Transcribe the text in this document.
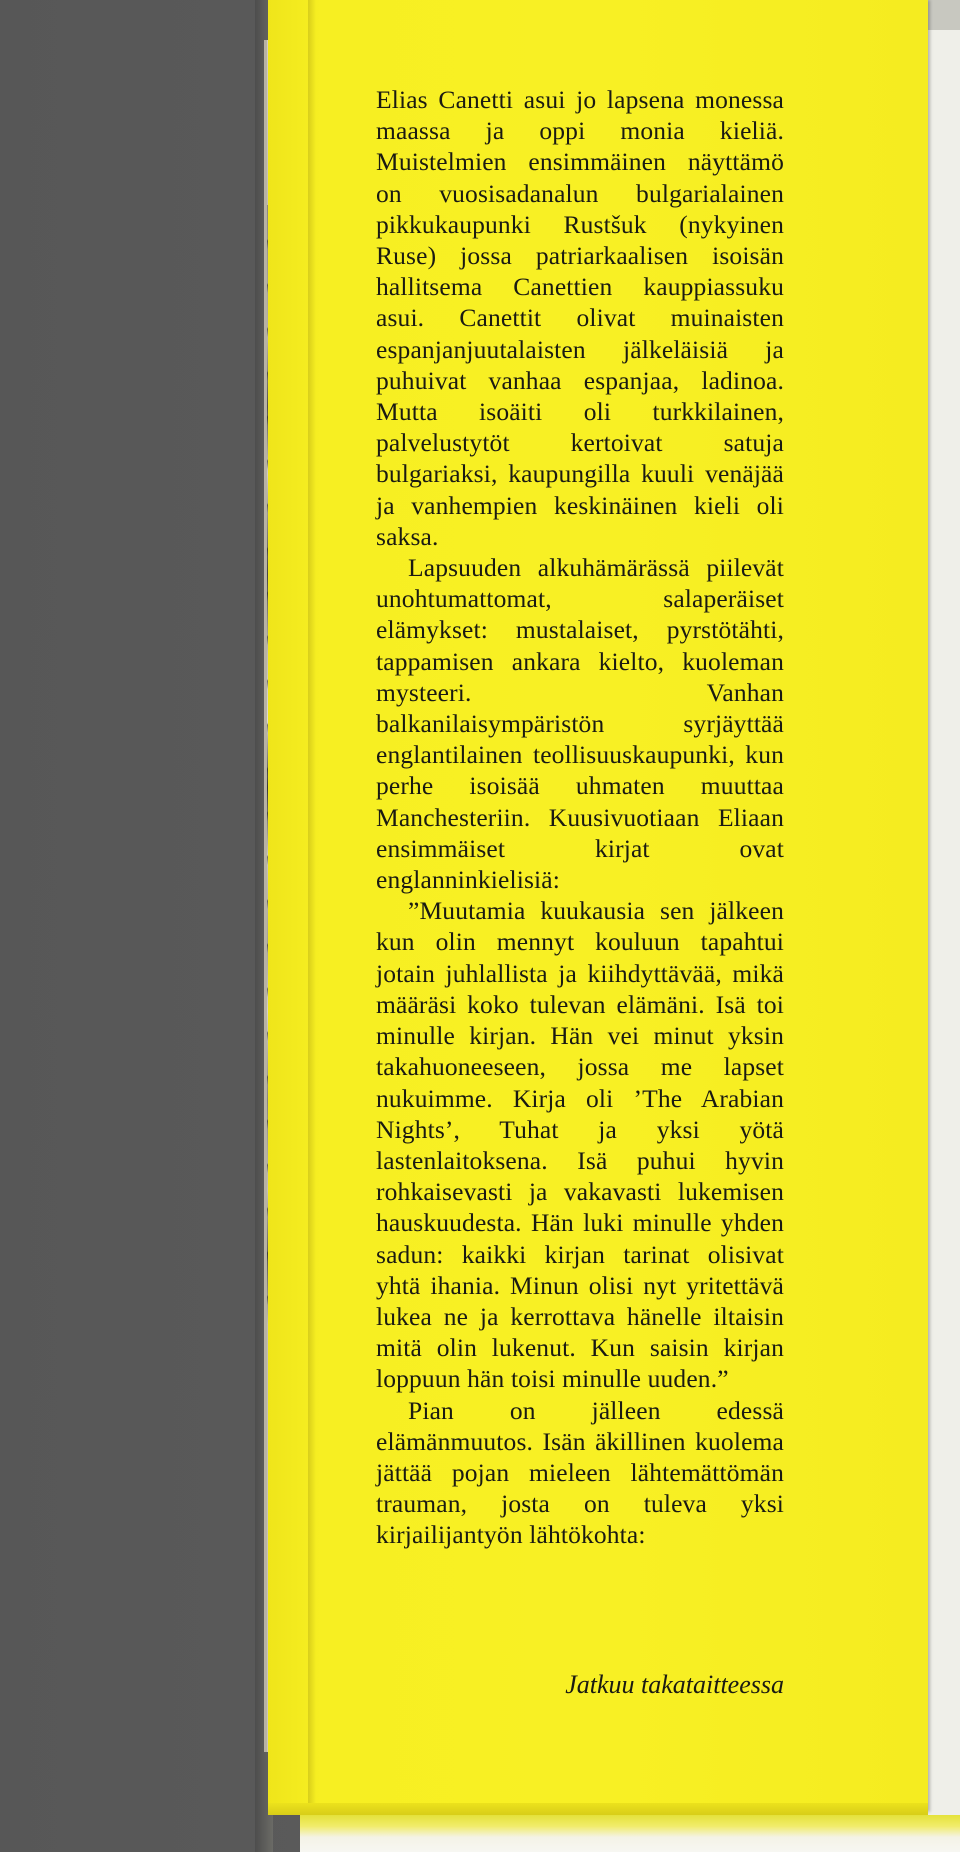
Elias Canetti asui jo lapsena monessa maassa ja oppi monia kieliä. Muistelmien ensimmäinen näyttämö on vuosisadanalun bulgarialainen pikkukaupunki Rustšuk (nykyinen Ruse) jossa patriarkaalisen isoisän hallitsema Canettien kauppiassuku asui. Canettit olivat muinaisten espanjanjuutalaisten jälkeläisiä ja puhuivat vanhaa espanjaa, ladinoa. Mutta isoäiti oli turkkilainen, palvelustytöt kertoivat satuja bulgariaksi, kaupungilla kuuli venäjää ja vanhempien keskinäinen kieli oli saksa.

Lapsuuden alkuhämärässä piilevät unohtumattomat, salaperäiset elämykset: mustalaiset, pyrstötähti, tappamisen ankara kielto, kuoleman mysteeri. Vanhan balkanilaisympäristön syrjäyttää englantilainen teollisuuskaupunki, kun perhe isoisää uhmaten muuttaa Manchesteriin. Kuusivuotiaan Eliaan ensimmäiset kirjat ovat englanninkielisiä:

”Muutamia kuukausia sen jälkeen kun olin mennyt kouluun tapahtui jotain juhlallista ja kiihdyttävää, mikä määräsi koko tulevan elämäni. Isä toi minulle kirjan. Hän vei minut yksin takahuoneeseen, jossa me lapset nukuimme. Kirja oli ’The Arabian Nights’, Tuhat ja yksi yötä lastenlaitoksena. Isä puhui hyvin rohkaisevasti ja vakavasti lukemisen hauskuudesta. Hän luki minulle yhden sadun: kaikki kirjan tarinat olisivat yhtä ihania. Minun olisi nyt yritettävä lukea ne ja kerrottava hänelle iltaisin mitä olin lukenut. Kun saisin kirjan loppuun hän toisi minulle uuden.”

Pian on jälleen edessä elämänmuutos. Isän äkillinen kuolema jättää pojan mieleen lähtemättömän trauman, josta on tuleva yksi kirjailijantyön lähtökohta:

Jatkuu takataitteessa
